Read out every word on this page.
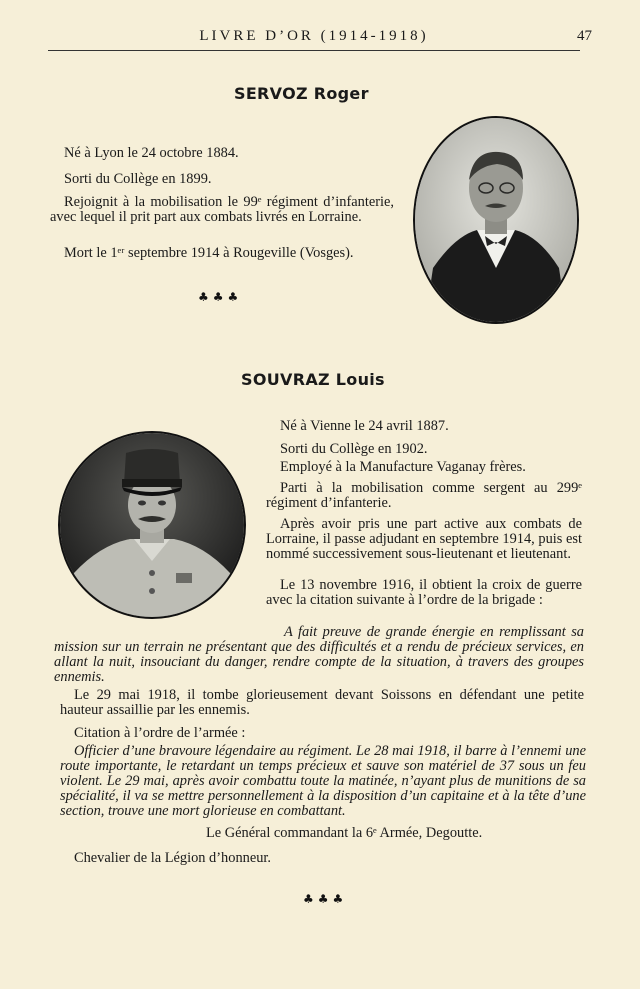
LIVRE D’OR (1914-1918)	47
SERVOZ Roger

Né à Lyon le 24 octobre 1884.

Sorti du Collège en 1899.

Rejoignit à la mobilisation le 99ᵉ régiment d’infanterie, avec lequel il prit part aux combats livrés en Lorraine.

Mort le 1ᵉʳ septembre 1914 à Rougeville (Vosges).

♣♣♣
SOUVRAZ Louis

Né à Vienne le 24 avril 1887.

Sorti du Collège en 1902.

Employé à la Manufacture Vaganay frères.

Parti à la mobilisation comme sergent au 299ᵉ régiment d’infanterie.

Après avoir pris une part active aux combats de Lorraine, il passe adjudant en septembre 1914, puis est nommé successivement sous-lieutenant et lieutenant.

Le 13 novembre 1916, il obtient la croix de guerre avec la citation suivante à l’ordre de la brigade :

A fait preuve de grande énergie en remplissant sa mission sur un terrain ne présentant que des difficultés et a rendu de précieux services, en allant la nuit, insouciant du danger, rendre compte de la situation, à travers des groupes ennemis.

Le 29 mai 1918, il tombe glorieusement devant Soissons en défendant une petite hauteur assaillie par les ennemis.

Citation à l’ordre de l’armée :

Officier d’une bravoure légendaire au régiment. Le 28 mai 1918, il barre à l’ennemi une route importante, le retardant un temps précieux et sauve son matériel de 37 sous un feu violent. Le 29 mai, après avoir combattu toute la matinée, n’ayant plus de munitions de sa spécialité, il va se mettre personnellement à la disposition d’un capitaine et à la tête d’une section, trouve une mort glorieuse en combattant.

Le Général commandant la 6ᵉ Armée, Degoutte.

Chevalier de la Légion d’honneur.

♣♣♣
